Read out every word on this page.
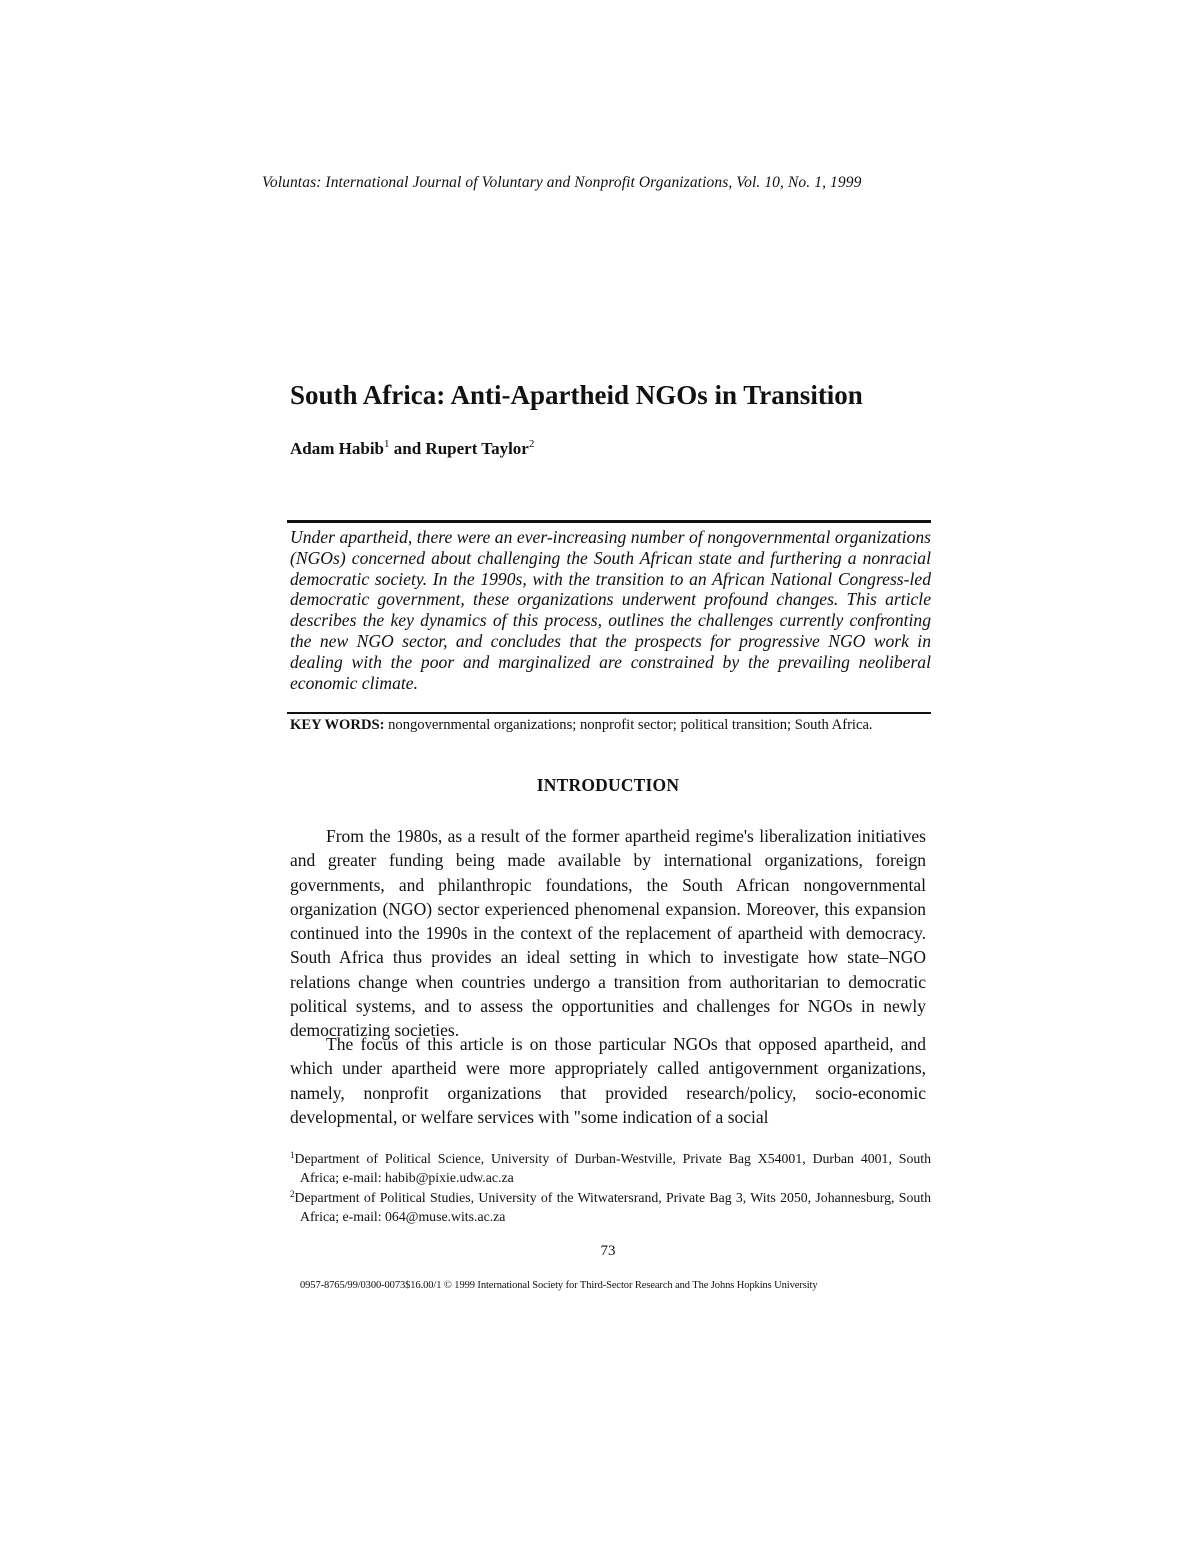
Voluntas: International Journal of Voluntary and Nonprofit Organizations, Vol. 10, No. 1, 1999
South Africa: Anti-Apartheid NGOs in Transition
Adam Habib$^1$ and Rupert Taylor$^2$
Under apartheid, there were an ever-increasing number of nongovernmental organizations (NGOs) concerned about challenging the South African state and furthering a nonracial democratic society. In the 1990s, with the transition to an African National Congress-led democratic government, these organizations underwent profound changes. This article describes the key dynamics of this process, outlines the challenges currently confronting the new NGO sector, and concludes that the prospects for progressive NGO work in dealing with the poor and marginalized are constrained by the prevailing neoliberal economic climate.
KEY WORDS: nongovernmental organizations; nonprofit sector; political transition; South Africa.
INTRODUCTION

From the 1980s, as a result of the former apartheid regime's liberalization initiatives and greater funding being made available by international organizations, foreign governments, and philanthropic foundations, the South African nongovernmental organization (NGO) sector experienced phenomenal expansion. Moreover, this expansion continued into the 1990s in the context of the replacement of apartheid with democracy. South Africa thus provides an ideal setting in which to investigate how state–NGO relations change when countries undergo a transition from authoritarian to democratic political systems, and to assess the opportunities and challenges for NGOs in newly democratizing societies.

The focus of this article is on those particular NGOs that opposed apartheid, and which under apartheid were more appropriately called antigovernment organizations, namely, nonprofit organizations that provided research/policy, socio-economic developmental, or welfare services with "some indication of a social

$^1$Department of Political Science, University of Durban-Westville, Private Bag X54001, Durban 4001, South Africa; e-mail: habib@pixie.udw.ac.za
$^2$Department of Political Studies, University of the Witwatersrand, Private Bag 3, Wits 2050, Johannesburg, South Africa; e-mail: 064@muse.wits.ac.za
73
0957-8765/99/0300-0073$16.00/1 © 1999 International Society for Third-Sector Research and The Johns Hopkins University
